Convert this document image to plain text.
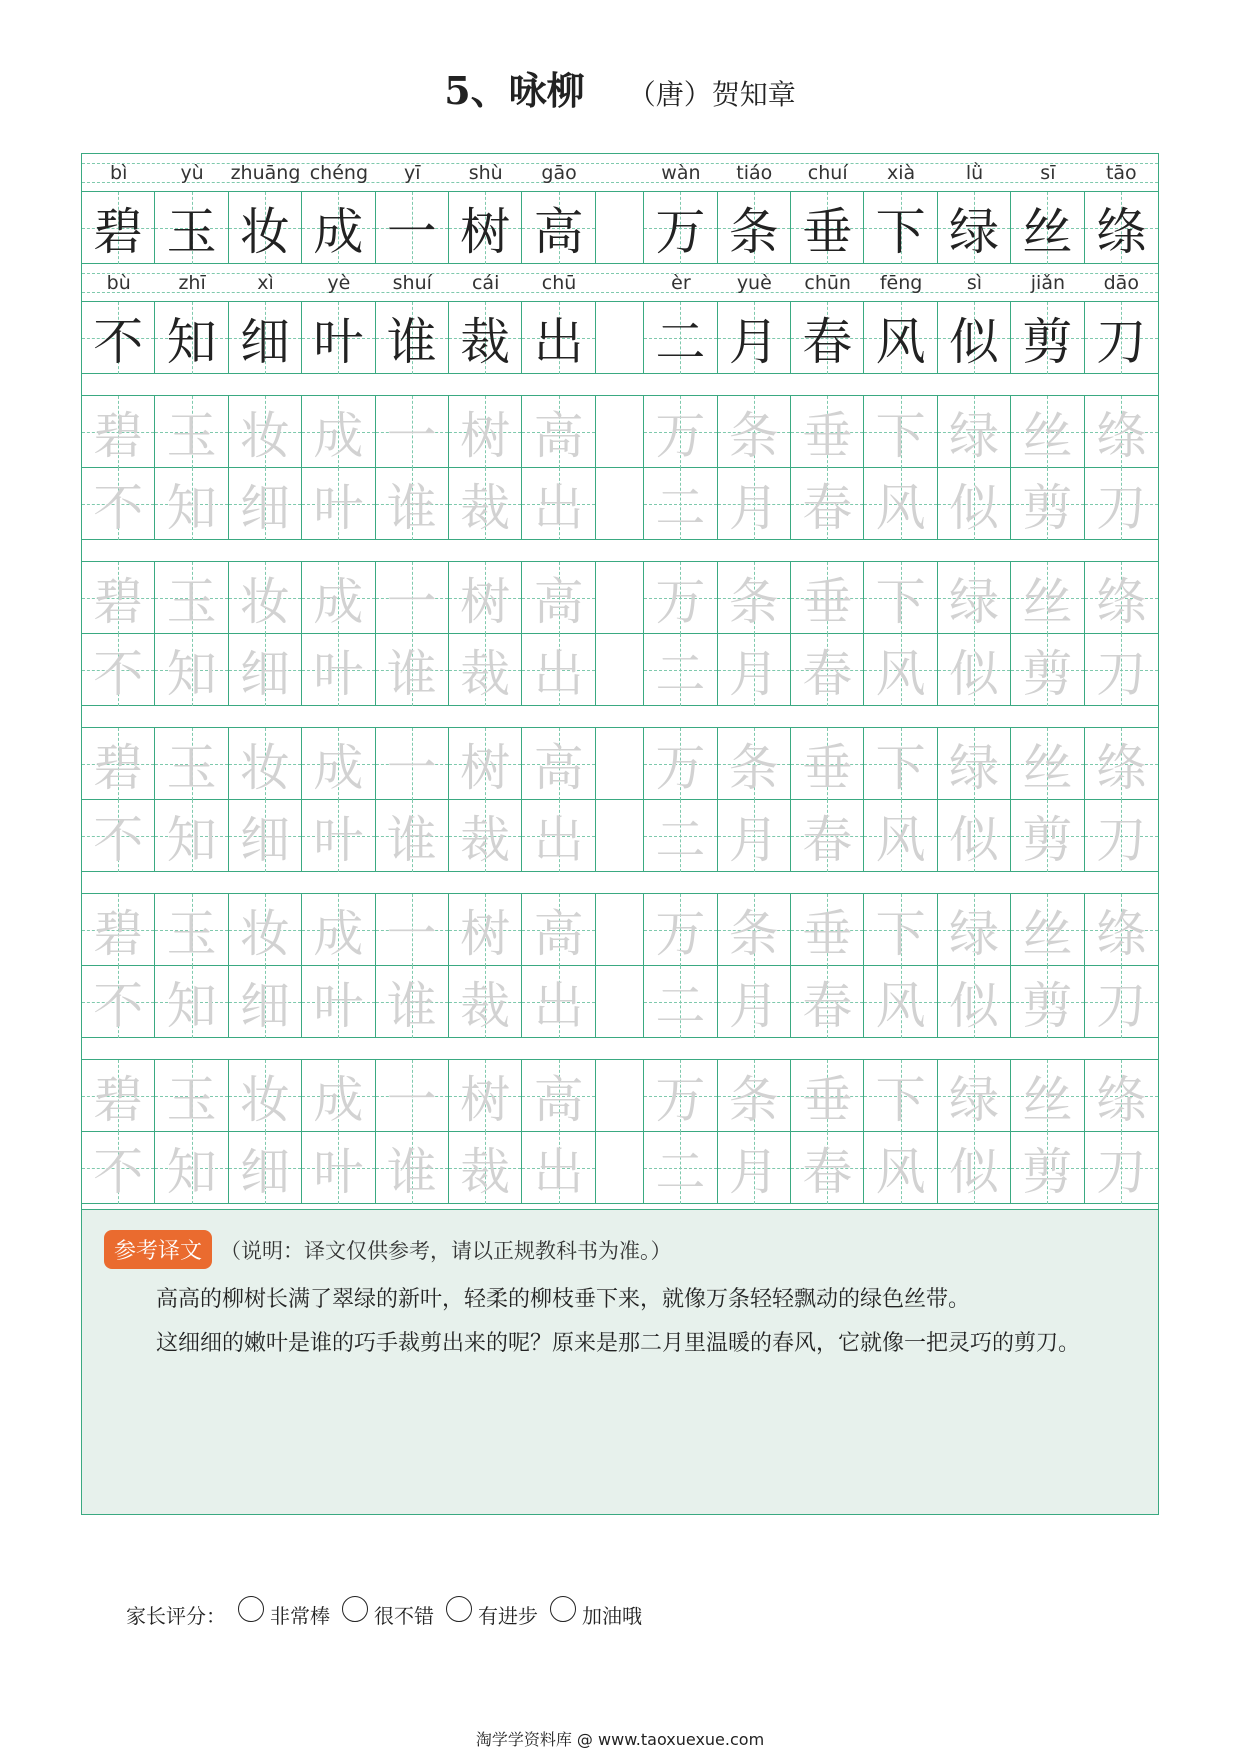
5、咏柳 （唐）贺知章
bì	yù zhuāng chéng yī	shù gāo	wàn tiáo chuí xià	lǜ	sī	tāo
碧 玉 妆 成 一 树 高 万 条 垂 下 绿 丝 绦
bù	zhī	xì	yè shuí cái chū	èr yuè chūn fēng sì	jiǎn dāo
不 知 细 叶 谁 裁 出 二 月 春 风 似 剪 刀
碧 玉 妆 成 一 树 高 万 条 垂 下 绿 丝 绦
不 知 细 叶 谁 裁 出 二 月 春 风 似 剪 刀
碧 玉 妆 成 一 树 高 万 条 垂 下 绿 丝 绦
不 知 细 叶 谁 裁 出 二 月 春 风 似 剪 刀
碧 玉 妆 成 一 树 高 万 条 垂 下 绿 丝 绦
不 知 细 叶 谁 裁 出 二 月 春 风 似 剪 刀
碧 玉 妆 成 一 树 高 万 条 垂 下 绿 丝 绦
不 知 细 叶 谁 裁 出 二 月 春 风 似 剪 刀
碧 玉 妆 成 一 树 高 万 条 垂 下 绿 丝 绦
不 知 细 叶 谁 裁 出 二 月 春 风 似 剪 刀
参考译文 （说明：译文仅供参考，请以正规教科书为准。）

高高的柳树长满了翠绿的新叶，轻柔的柳枝垂下来，就像万条轻轻飘动的绿色丝带。

这细细的嫩叶是谁的巧手裁剪出来的呢？原来是那二月里温暖的春风，它就像一把灵巧的剪刀。

家长评分： 非常棒 很不错 有进步 加油哦
淘学学资料库 @ www.taoxuexue.com
